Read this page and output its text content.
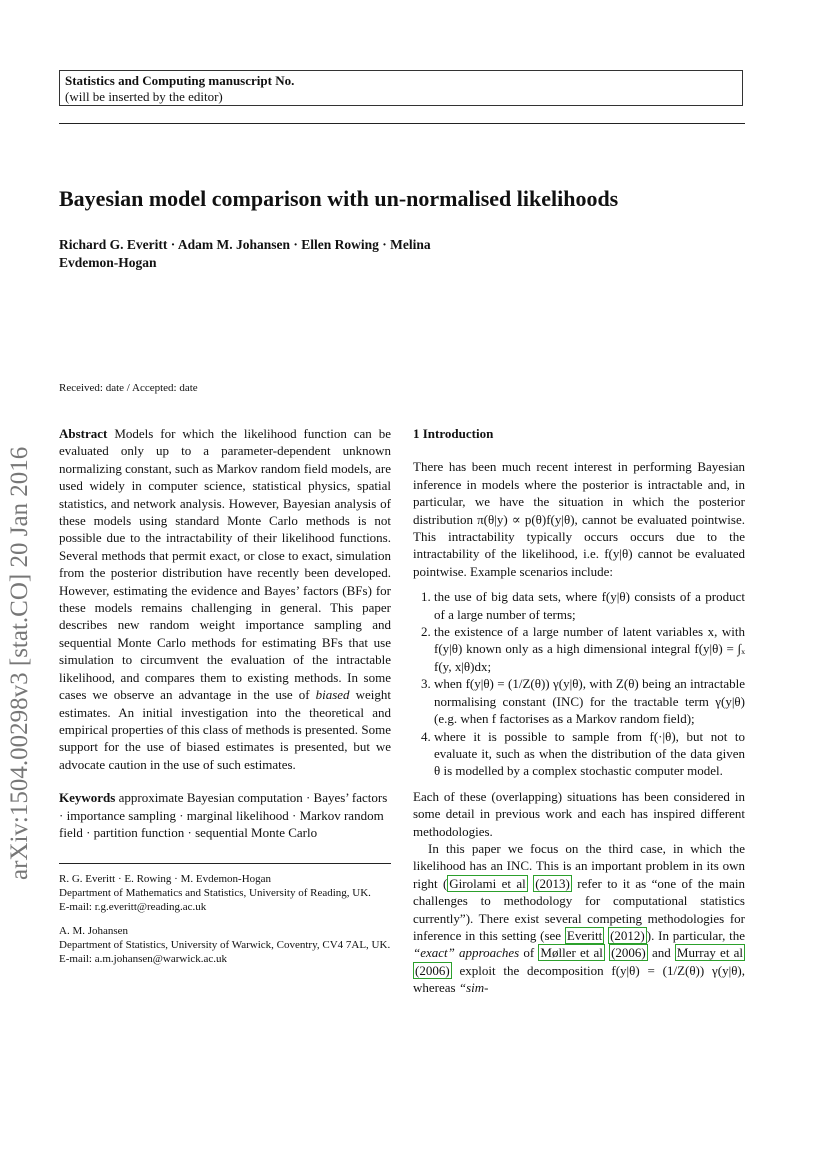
Statistics and Computing manuscript No.
(will be inserted by the editor)
Bayesian model comparison with un-normalised likelihoods
Richard G. Everitt · Adam M. Johansen · Ellen Rowing · Melina
Evdemon-Hogan
arXiv:1504.00298v3 [stat.CO] 20 Jan 2016
Received: date / Accepted: date

Abstract Models for which the likelihood function can be evaluated only up to a parameter-dependent unknown normalizing constant, such as Markov random field models, are used widely in computer science, statistical physics, spatial statistics, and network analysis. However, Bayesian analysis of these models using standard Monte Carlo methods is not possible due to the intractability of their likelihood functions. Several methods that permit exact, or close to exact, simulation from the posterior distribution have recently been developed. However, estimating the evidence and Bayes’ factors (BFs) for these models remains challenging in general. This paper describes new random weight importance sampling and sequential Monte Carlo methods for estimating BFs that use simulation to circumvent the evaluation of the intractable likelihood, and compares them to existing methods. In some cases we observe an advantage in the use of biased weight estimates. An initial investigation into the theoretical and empirical properties of this class of methods is presented. Some support for the use of biased estimates is presented, but we advocate caution in the use of such estimates.

Keywords approximate Bayesian computation · Bayes’ factors · importance sampling · marginal likelihood · Markov random field · partition function · sequential Monte Carlo

R. G. Everitt · E. Rowing · M. Evdemon-Hogan
Department of Mathematics and Statistics, University of Reading, UK.
E-mail: r.g.everitt@reading.ac.uk
A. M. Johansen
Department of Statistics, University of Warwick, Coventry, CV4 7AL, UK.
E-mail: a.m.johansen@warwick.ac.uk

1 Introduction

There has been much recent interest in performing Bayesian inference in models where the posterior is intractable and, in particular, we have the situation in which the posterior distribution π(θ|y) ∝ p(θ)f(y|θ), cannot be evaluated pointwise. This intractability typically occurs occurs due to the intractability of the likelihood, i.e. f(y|θ) cannot be evaluated pointwise. Example scenarios include:

1. the use of big data sets, where f(y|θ) consists of a product of a large number of terms;
2. the existence of a large number of latent variables x, with f(y|θ) known only as a high dimensional integral f(y|θ) = ∫ₓ f(y, x|θ)dx;
3. when f(y|θ) = (1/Z(θ)) γ(y|θ), with Z(θ) being an intractable normalising constant (INC) for the tractable term γ(y|θ) (e.g. when f factorises as a Markov random field);
4. where it is possible to sample from f(·|θ), but not to evaluate it, such as when the distribution of the data given θ is modelled by a complex stochastic computer model.

Each of these (overlapping) situations has been considered in some detail in previous work and each has inspired different methodologies.

In this paper we focus on the third case, in which the likelihood has an INC. This is an important problem in its own right ( Girolami et al (2013) refer to it as “one of the main challenges to methodology for computational statistics currently”). There exist several competing methodologies for inference in this setting (see Everitt (2012) ). In particular, the “exact” approaches of Møller et al (2006) and Murray et al (2006) exploit the decomposition f(y|θ) = (1/Z(θ)) γ(y|θ), whereas “sim-
